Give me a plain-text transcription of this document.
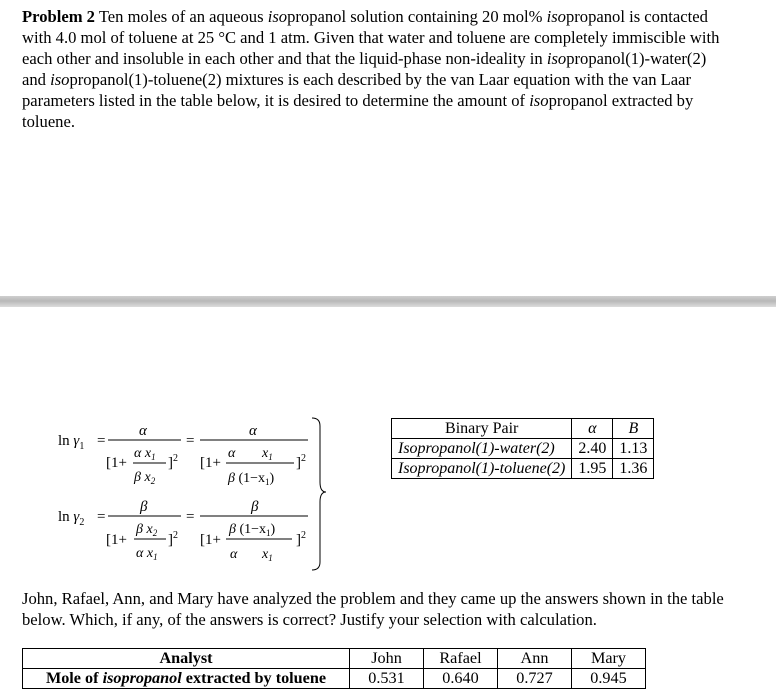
Problem 2 Ten moles of an aqueous isopropanol solution containing 20 mol% isopropanol is contacted with 4.0 mol of toluene at 25 °C and 1 atm. Given that water and toluene are completely immiscible with each other and insoluble in each other and that the liquid-phase non-ideality in isopropanol(1)-water(2) and isopropanol(1)-toluene(2) mixtures is each described by the van Laar equation with the van Laar parameters listed in the table below, it is desired to determine the amount of isopropanol extracted by toluene.

$\ln \gamma_1$ =
α
[1+
α $x_1$
β $x_2$
] 2
=
α
[1+
α $x_1$
β $(1-x_1)$
] 2
$\ln \gamma_2$ =
β
[1+
β $x_2$
α $x_1$
] 2
=
β
[1+
β $(1-x_1)$
α $x_1$
] 2
Binary Pair	α	B
Isopropanol(1)-water(2)	2.40	1.13
Isopropanol(1)-toluene(2)	1.95	1.36

John, Rafael, Ann, and Mary have analyzed the problem and they came up the answers shown in the table below. Which, if any, of the answers is correct? Justify your selection with calculation.

Analyst	John	Rafael	Ann	Mary
Mole of isopropanol extracted by toluene	0.531	0.640	0.727	0.945
